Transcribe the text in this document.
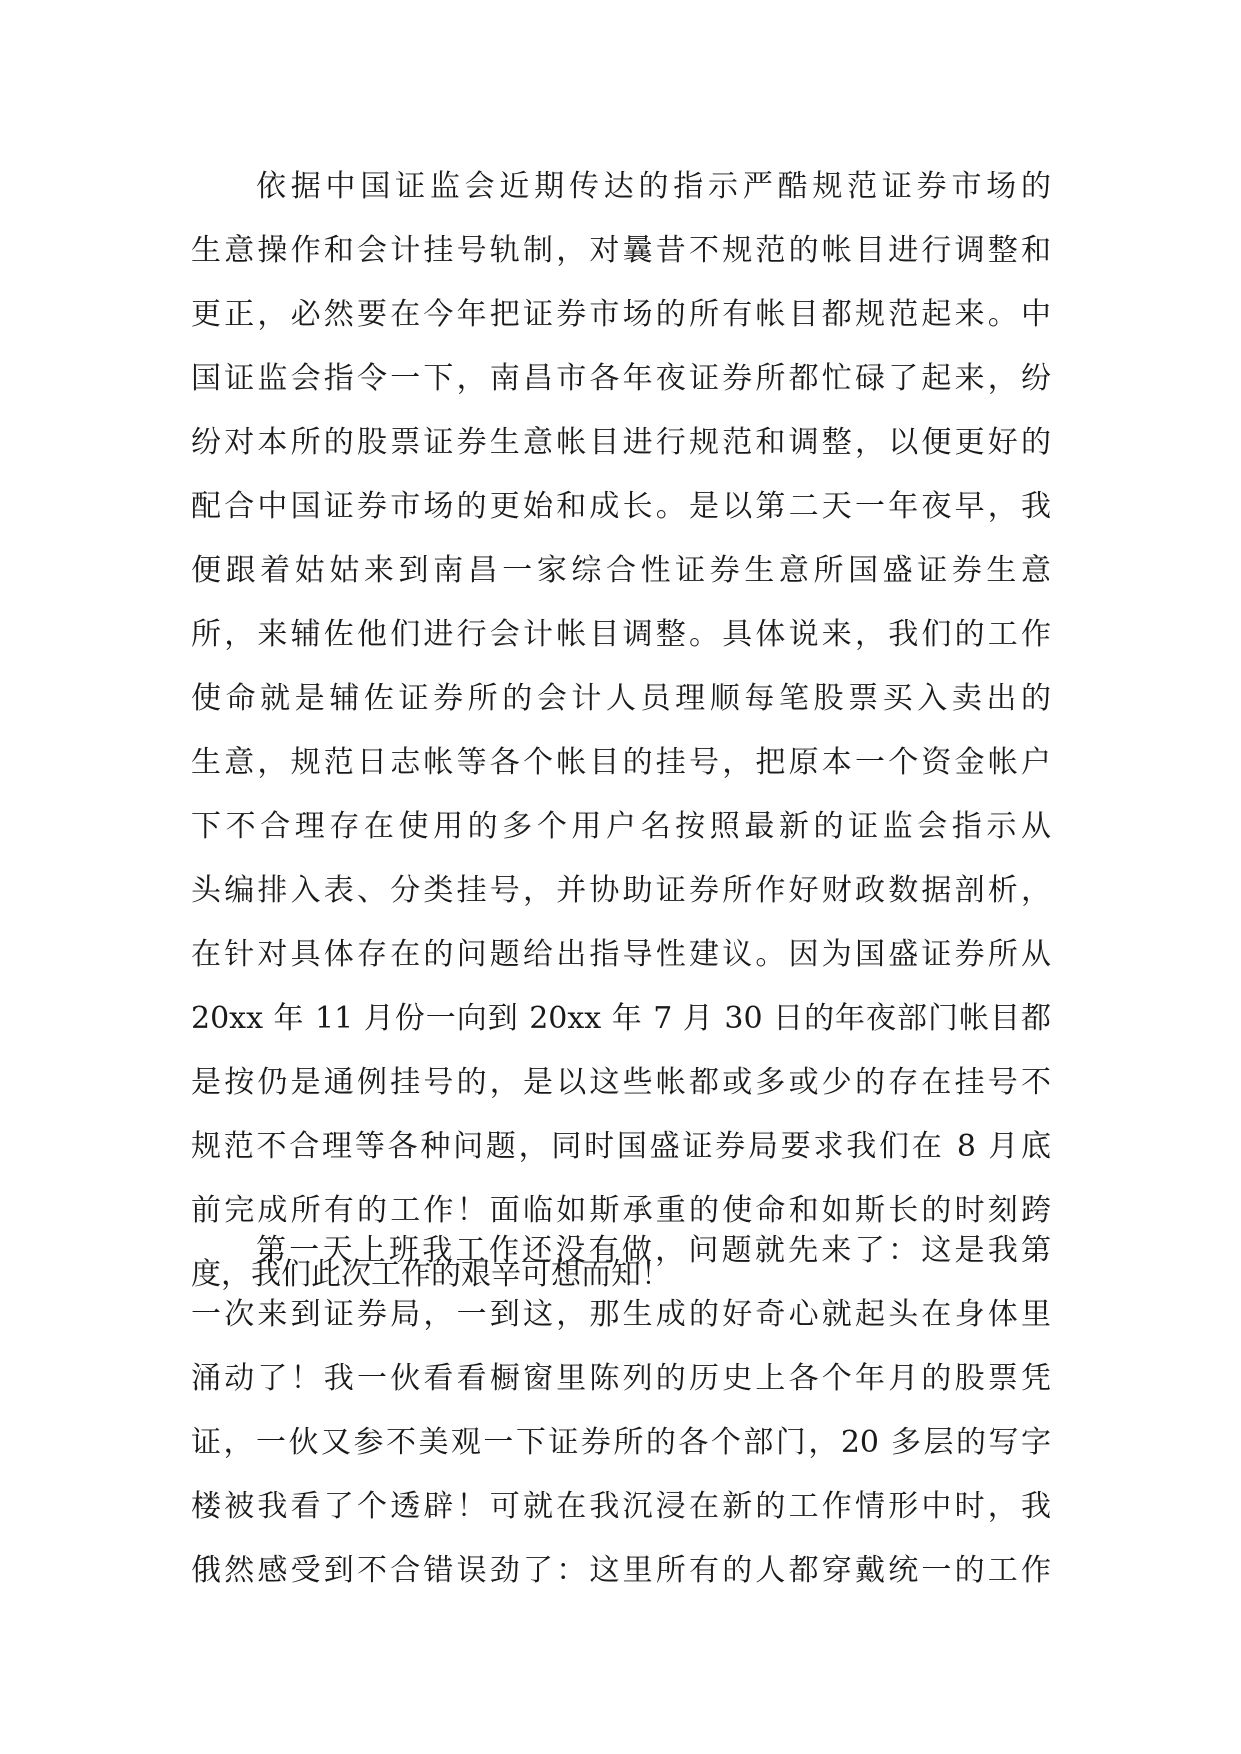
依据中国证监会近期传达的指示严酷规范证券市场的
生意操作和会计挂号轨制，对曩昔不规范的帐目进行调整和
更正，必然要在今年把证券市场的所有帐目都规范起来。中
国证监会指令一下，南昌市各年夜证券所都忙碌了起来，纷
纷对本所的股票证券生意帐目进行规范和调整，以便更好的
配合中国证券市场的更始和成长。是以第二天一年夜早，我
便跟着姑姑来到南昌一家综合性证券生意所国盛证券生意
所，来辅佐他们进行会计帐目调整。具体说来，我们的工作
使命就是辅佐证券所的会计人员理顺每笔股票买入卖出的
生意，规范日志帐等各个帐目的挂号，把原本一个资金帐户
下不合理存在使用的多个用户名按照最新的证监会指示从
头编排入表、分类挂号，并协助证券所作好财政数据剖析，
在针对具体存在的问题给出指导性建议。因为国盛证券所从
20xx 年 11 月份一向到 20xx 年 7 月 30 日的年夜部门帐目都
是按仍是通例挂号的，是以这些帐都或多或少的存在挂号不
规范不合理等各种问题，同时国盛证券局要求我们在 8 月底
前完成所有的工作！面临如斯承重的使命和如斯长的时刻跨
度，我们此次工作的艰辛可想而知！
第一天上班我工作还没有做，问题就先来了：这是我第
一次来到证券局，一到这，那生成的好奇心就起头在身体里
涌动了！我一伙看看橱窗里陈列的历史上各个年月的股票凭
证，一伙又参不美观一下证券所的各个部门，20 多层的写字
楼被我看了个透辟！可就在我沉浸在新的工作情形中时，我
俄然感受到不合错误劲了：这里所有的人都穿戴统一的工作
